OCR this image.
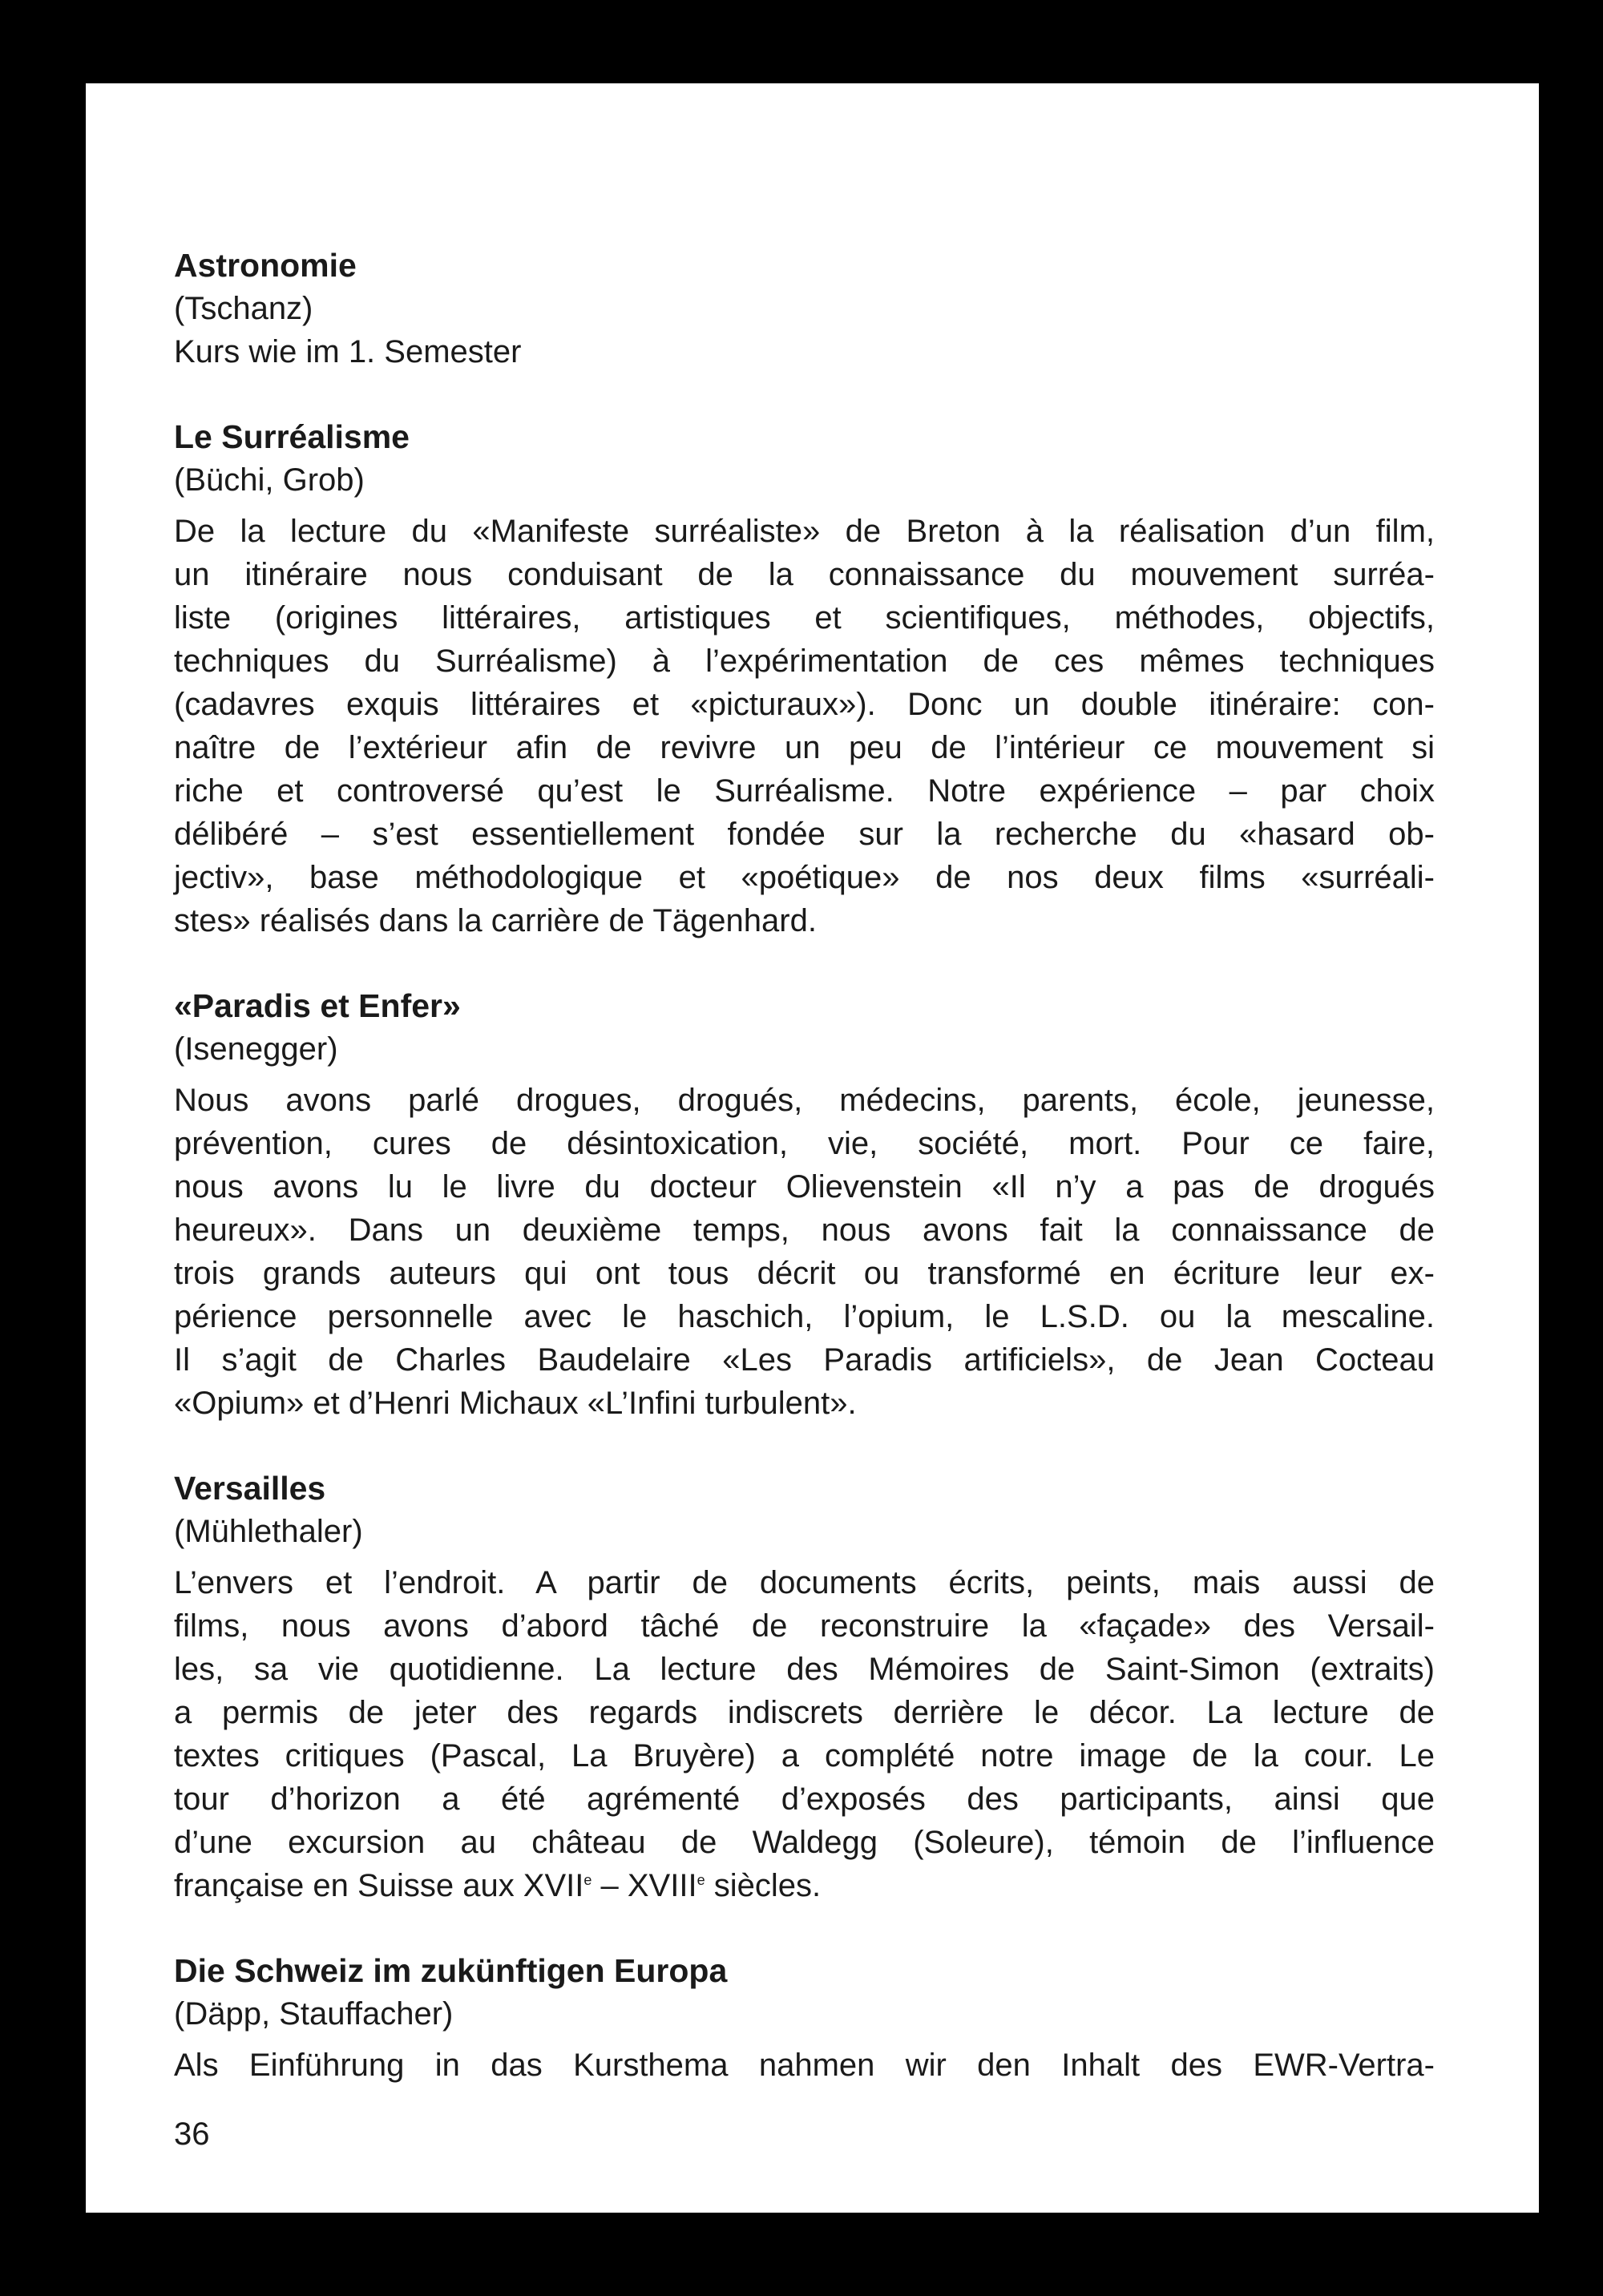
Astronomie

(Tschanz)

Kurs wie im 1. Semester

Le Surréalisme

(Büchi, Grob)

De la lecture du «Manifeste surréaliste» de Breton à la réalisation d’un film,

un itinéraire nous conduisant de la connaissance du mouvement surréa-

liste (origines littéraires, artistiques et scientifiques, méthodes, objectifs,

techniques du Surréalisme) à l’expérimentation de ces mêmes techniques

(cadavres exquis littéraires et «picturaux»). Donc un double itinéraire: con-

naître de l’extérieur afin de revivre un peu de l’intérieur ce mouvement si

riche et controversé qu’est le Surréalisme. Notre expérience – par choix

délibéré – s’est essentiellement fondée sur la recherche du «hasard ob-

jectiv», base méthodologique et «poétique» de nos deux films «surréali-

stes» réalisés dans la carrière de Tägenhard.

«Paradis et Enfer»

(Isenegger)

Nous avons parlé drogues, drogués, médecins, parents, école, jeunesse,

prévention, cures de désintoxication, vie, société, mort. Pour ce faire,

nous avons lu le livre du docteur Olievenstein «Il n’y a pas de drogués

heureux». Dans un deuxième temps, nous avons fait la connaissance de

trois grands auteurs qui ont tous décrit ou transformé en écriture leur ex-

périence personnelle avec le haschich, l’opium, le L.S.D. ou la mescaline.

Il s’agit de Charles Baudelaire «Les Paradis artificiels», de Jean Cocteau

«Opium» et d’Henri Michaux «L’Infini turbulent».

Versailles

(Mühlethaler)

L’envers et l’endroit. A partir de documents écrits, peints, mais aussi de

films, nous avons d’abord tâché de reconstruire la «façade» des Versail-

les, sa vie quotidienne. La lecture des Mémoires de Saint-Simon (extraits)

a permis de jeter des regards indiscrets derrière le décor. La lecture de

textes critiques (Pascal, La Bruyère) a complété notre image de la cour. Le

tour d’horizon a été agrémenté d’exposés des participants, ainsi que

d’une excursion au château de Waldegg (Soleure), témoin de l’influence

française en Suisse aux XVIIe – XVIIIe siècles.

Die Schweiz im zukünftigen Europa

(Däpp, Stauffacher)

Als Einführung in das Kursthema nahmen wir den Inhalt des EWR-Vertra-

36
